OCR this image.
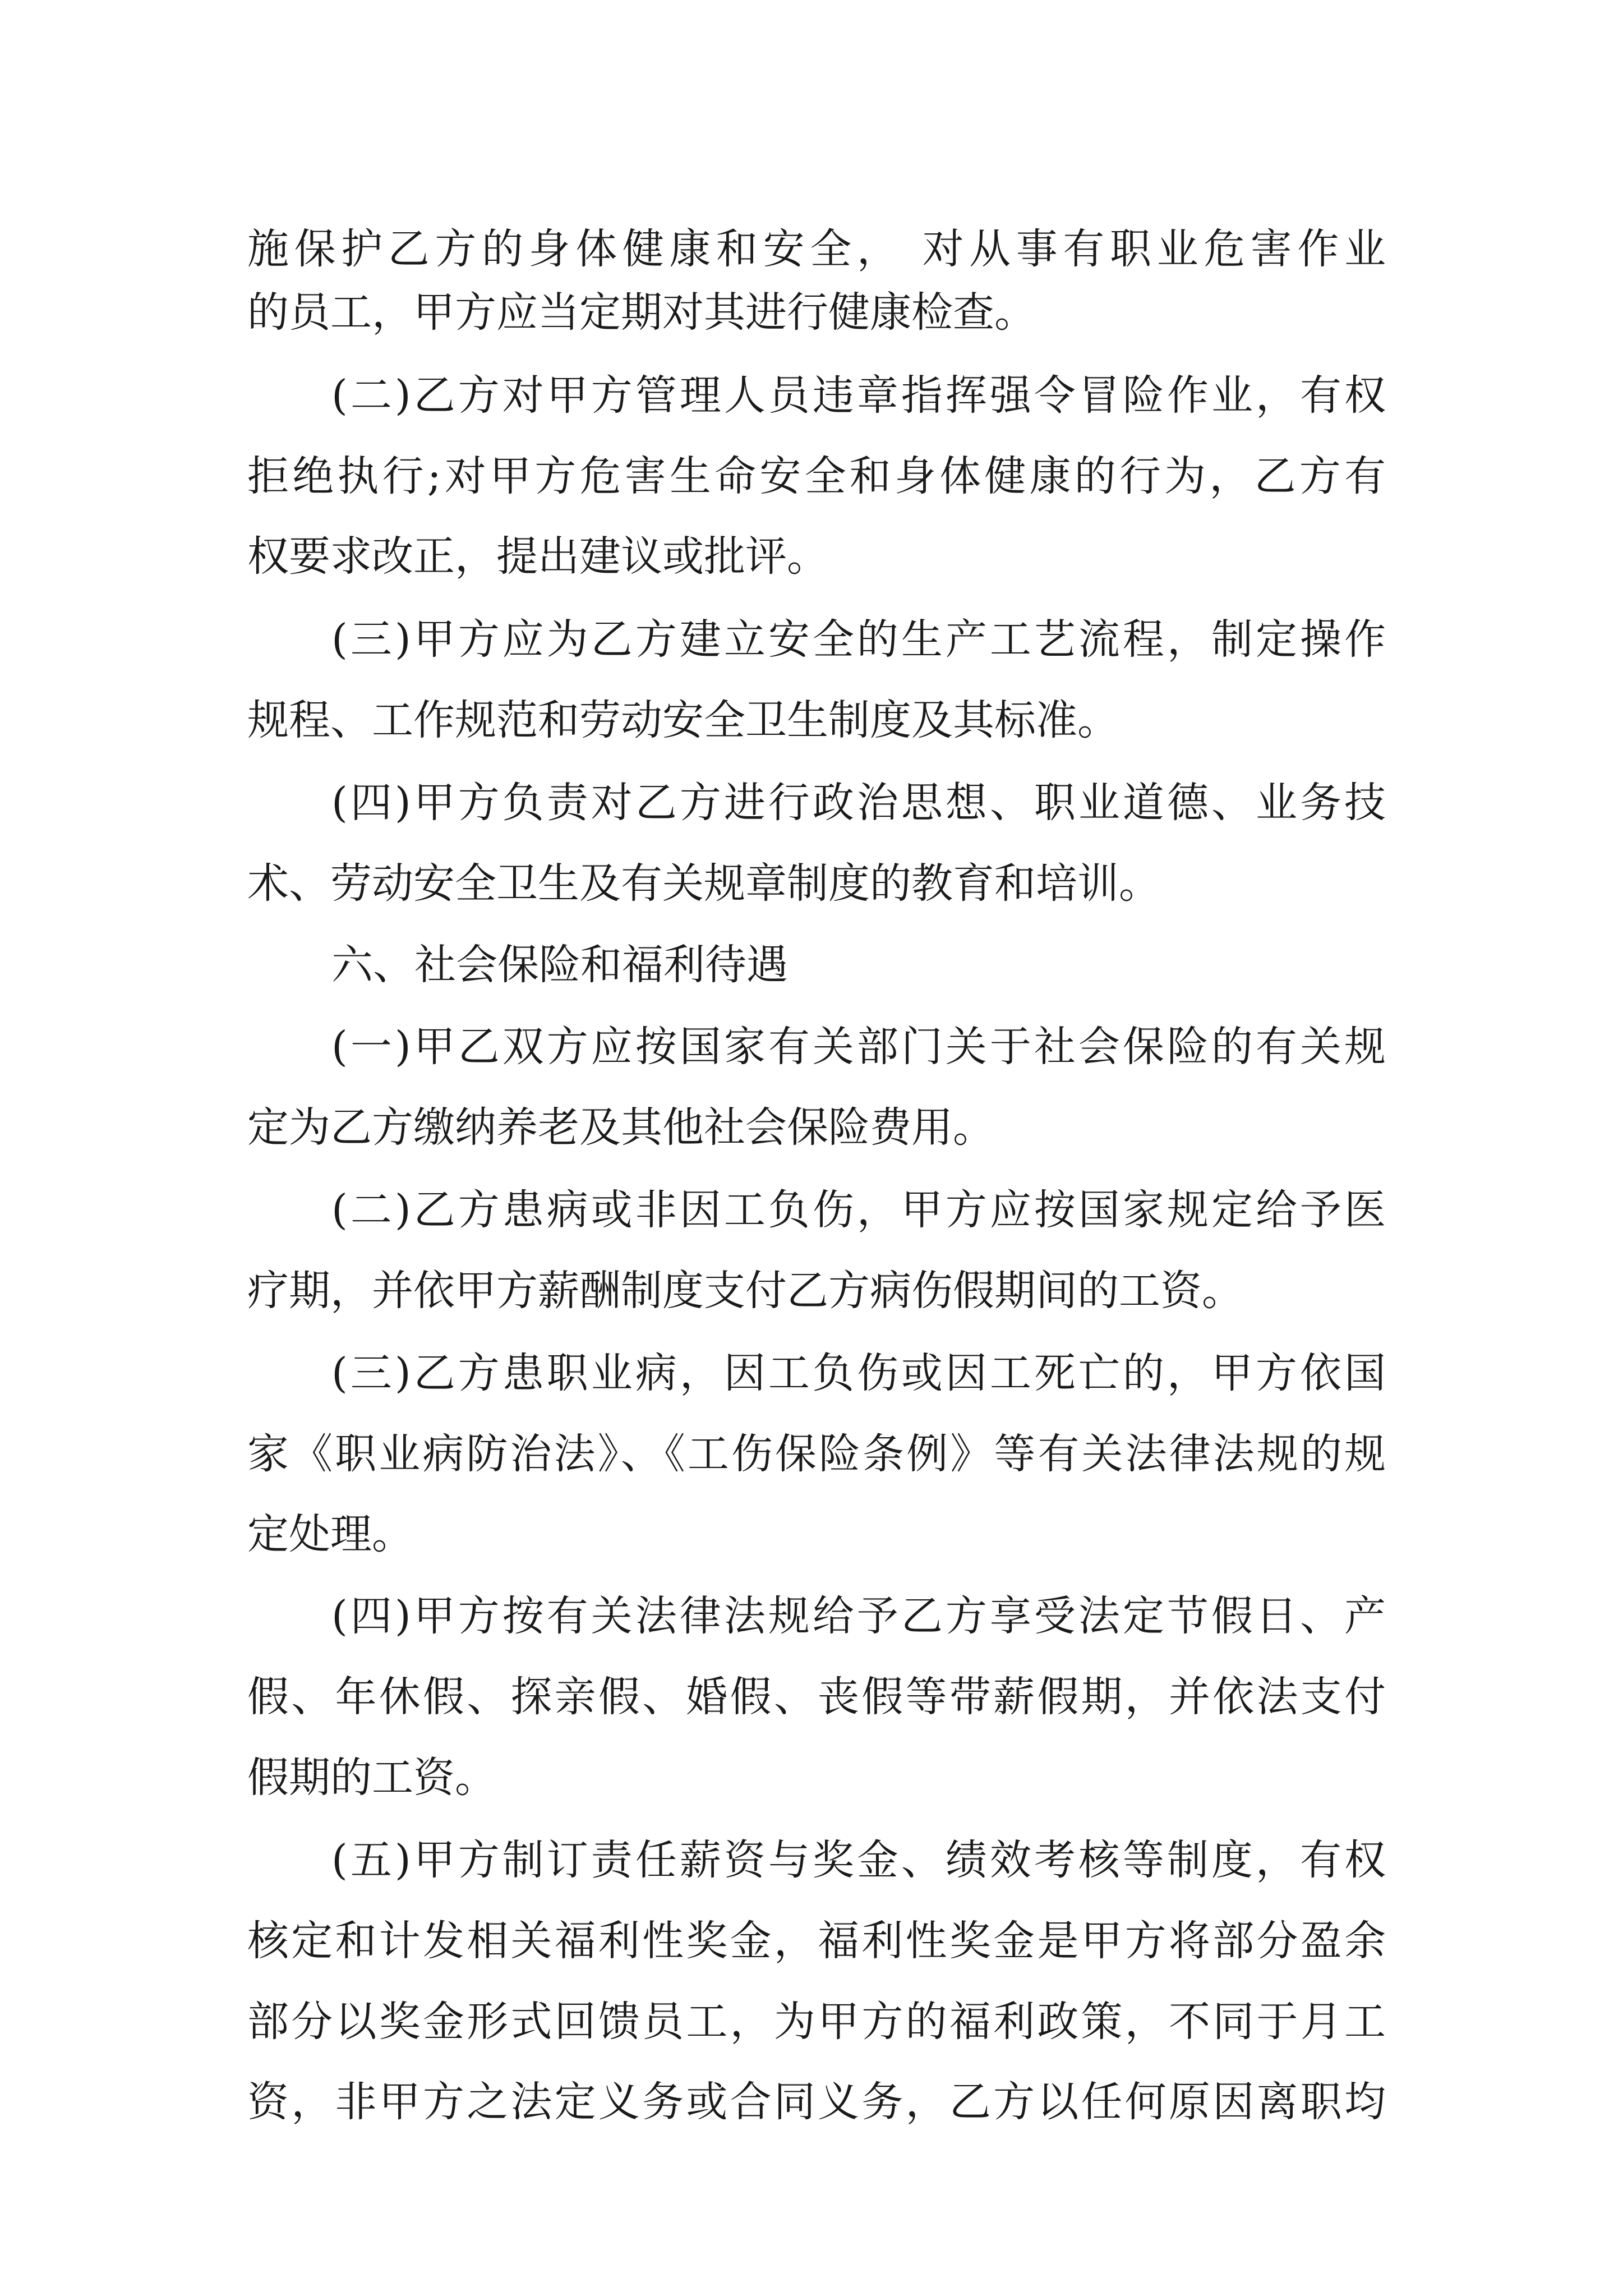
施保护乙方的身体健康和安全， 对从事有职业危害作业
的员工，甲方应当定期对其进行健康检查。
(二)乙方对甲方管理人员违章指挥强令冒险作业，有权
拒绝执行;对甲方危害生命安全和身体健康的行为，乙方有
权要求改正，提出建议或批评。
(三)甲方应为乙方建立安全的生产工艺流程，制定操作
规程、工作规范和劳动安全卫生制度及其标准。
(四)甲方负责对乙方进行政治思想、职业道德、业务技
术、劳动安全卫生及有关规章制度的教育和培训。
六、社会保险和福利待遇
(一)甲乙双方应按国家有关部门关于社会保险的有关规
定为乙方缴纳养老及其他社会保险费用。
(二)乙方患病或非因工负伤，甲方应按国家规定给予医
疗期，并依甲方薪酬制度支付乙方病伤假期间的工资。
(三)乙方患职业病，因工负伤或因工死亡的，甲方依国
家《职业病防治法》、《工伤保险条例》等有关法律法规的规
定处理。
(四)甲方按有关法律法规给予乙方享受法定节假日、产
假、年休假、探亲假、婚假、丧假等带薪假期，并依法支付
假期的工资。
(五)甲方制订责任薪资与奖金、绩效考核等制度，有权
核定和计发相关福利性奖金，福利性奖金是甲方将部分盈余
部分以奖金形式回馈员工，为甲方的福利政策，不同于月工
资，非甲方之法定义务或合同义务，乙方以任何原因离职均
